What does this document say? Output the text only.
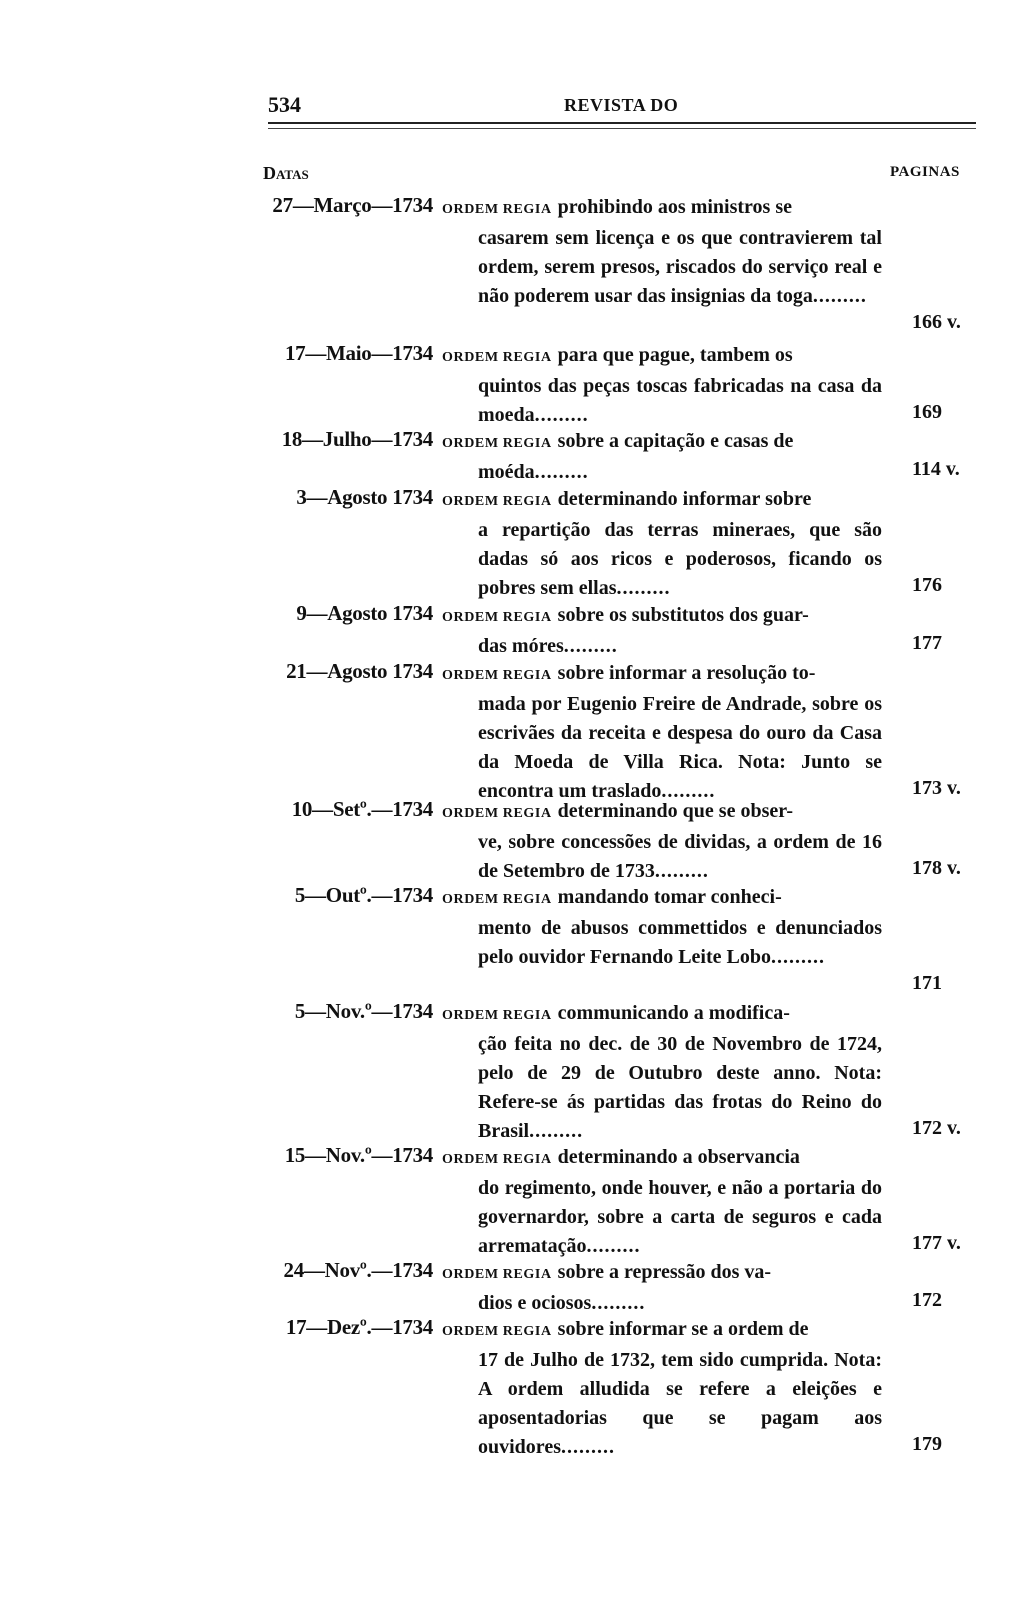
534	REVISTA DO
Datas	PAGINAS
27—Março—1734 ORDEM REGIA prohibindo aos ministros se
casarem sem licença e os que contravierem tal ordem, serem presos, riscados do serviço real e não poderem usar das insignias da toga.........
166 v.
17—Maio—1734 ORDEM REGIA para que pague, tambem os
quintos das peças toscas fabricadas na casa da moeda.........	169
18—Julho—1734 ORDEM REGIA sobre a capitação e casas de
moéda.........	114 v.
3—Agosto 1734 ORDEM REGIA determinando informar sobre
a repartição das terras mineraes, que são dadas só aos ricos e poderosos, ficando os pobres sem ellas.........	176
9—Agosto 1734 ORDEM REGIA sobre os substitutos dos guar-
das móres.........	177
21—Agosto 1734 ORDEM REGIA sobre informar a resolução to-
mada por Eugenio Freire de Andrade, sobre os escrivães da receita e despesa do ouro da Casa da Moeda de Villa Rica. Nota: Junto se encontra um traslado.........	173 v.
10—Setº.—1734 ORDEM REGIA determinando que se obser-
ve, sobre concessões de dividas, a ordem de 16 de Setembro de 1733.........	178 v.
5—Outº.—1734 ORDEM REGIA mandando tomar conheci-
mento de abusos commettidos e denunciados pelo ouvidor Fernando Leite Lobo.........
171
5—Nov.º—1734 ORDEM REGIA communicando a modifica-
ção feita no dec. de 30 de Novembro de 1724, pelo de 29 de Outubro deste anno. Nota: Refere-se ás partidas das frotas do Reino do Brasil.........	172 v.
15—Nov.º—1734 ORDEM REGIA determinando a observancia
do regimento, onde houver, e não a portaria do governardor, sobre a carta de seguros e cada arrematação.........	177 v.
24—Novº.—1734 ORDEM REGIA sobre a repressão dos va-
dios e ociosos.........	172
17—Dezº.—1734 ORDEM REGIA sobre informar se a ordem de
17 de Julho de 1732, tem sido cumprida. Nota: A ordem alludida se refere a eleições e aposentadorias que se pagam aos ouvidores.........	179
